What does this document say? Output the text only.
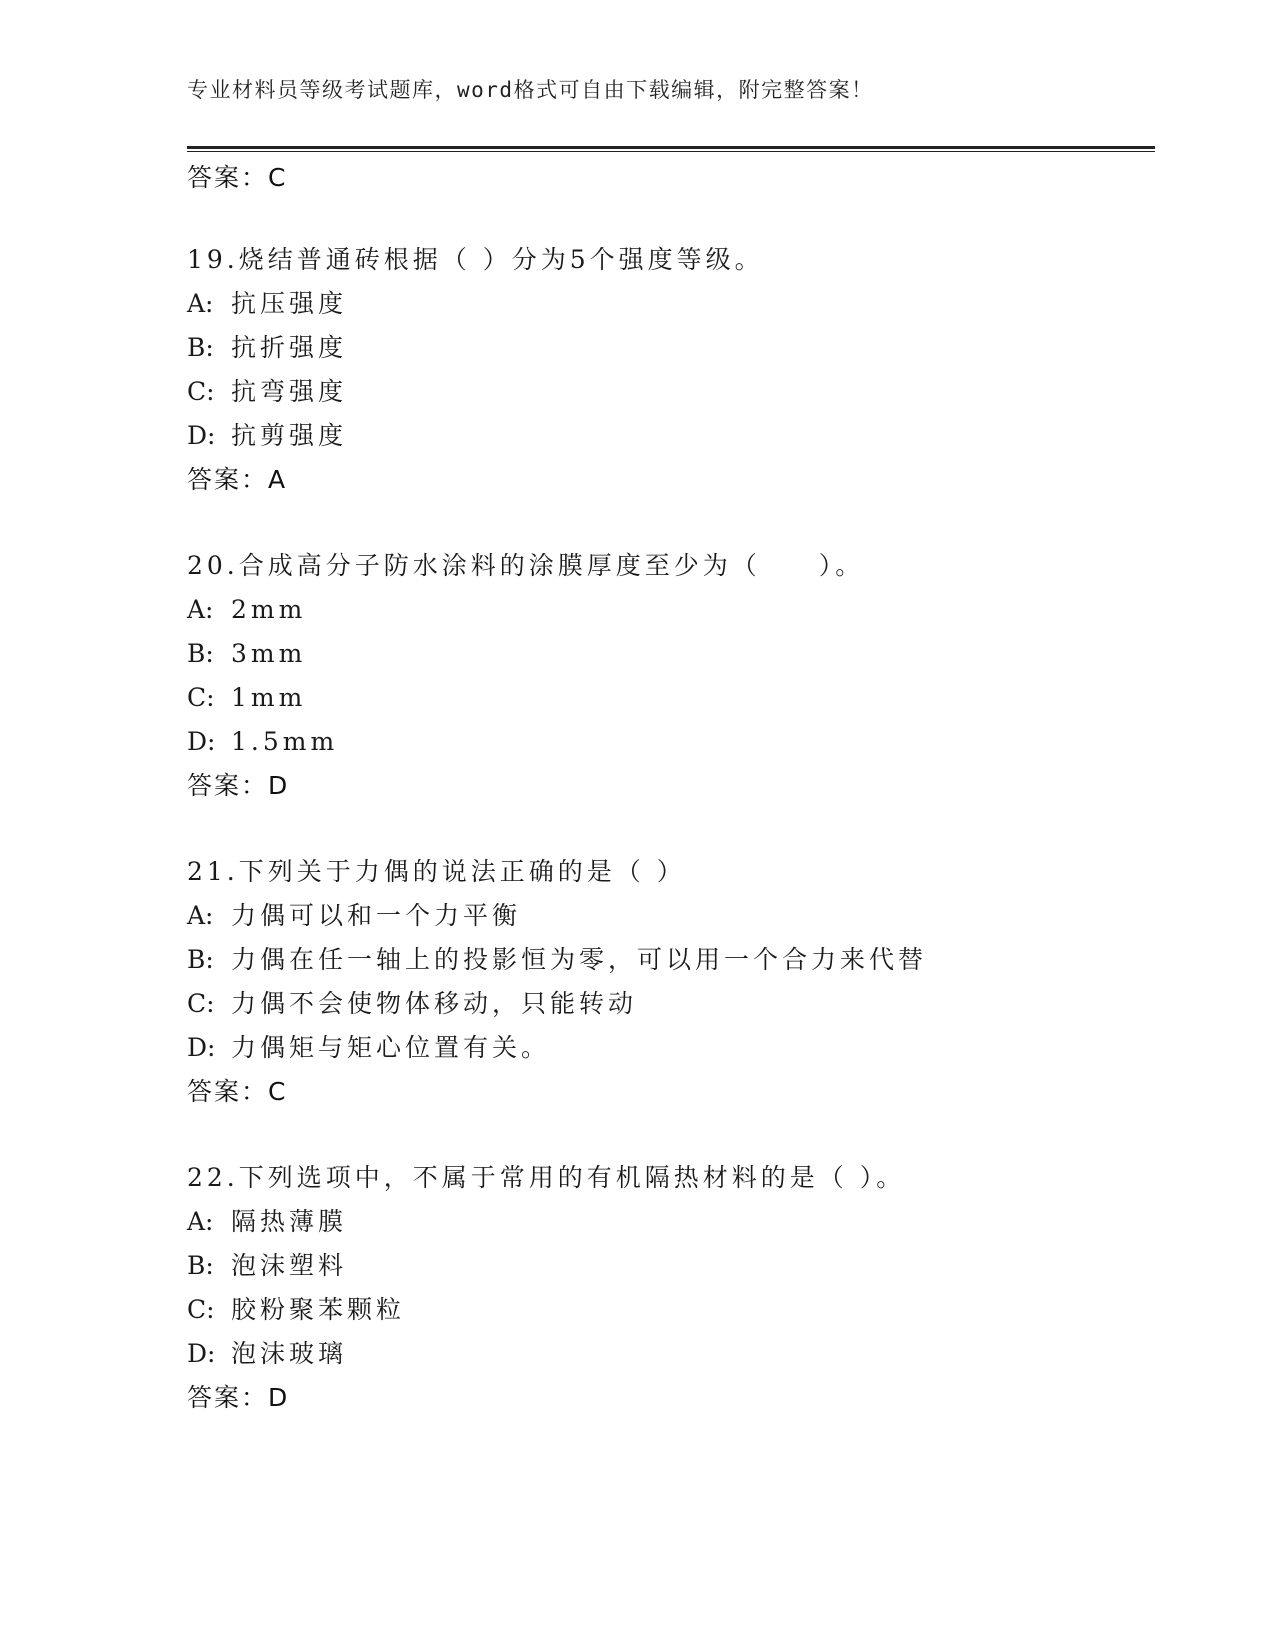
专业材料员等级考试题库，word格式可自由下载编辑，附完整答案！
答案：C
19.烧结普通砖根据（ ）分为5个强度等级。
A: 抗压强度
B: 抗折强度
C: 抗弯强度
D: 抗剪强度
答案：A
20.合成高分子防水涂料的涂膜厚度至少为（　　）。
A: 2mm
B: 3mm
C: 1mm
D: 1.5mm
答案：D
21.下列关于力偶的说法正确的是（ ）
A: 力偶可以和一个力平衡
B: 力偶在任一轴上的投影恒为零，可以用一个合力来代替
C: 力偶不会使物体移动，只能转动
D: 力偶矩与矩心位置有关。
答案：C
22.下列选项中，不属于常用的有机隔热材料的是（ ）。
A: 隔热薄膜
B: 泡沫塑料
C: 胶粉聚苯颗粒
D: 泡沫玻璃
答案：D
